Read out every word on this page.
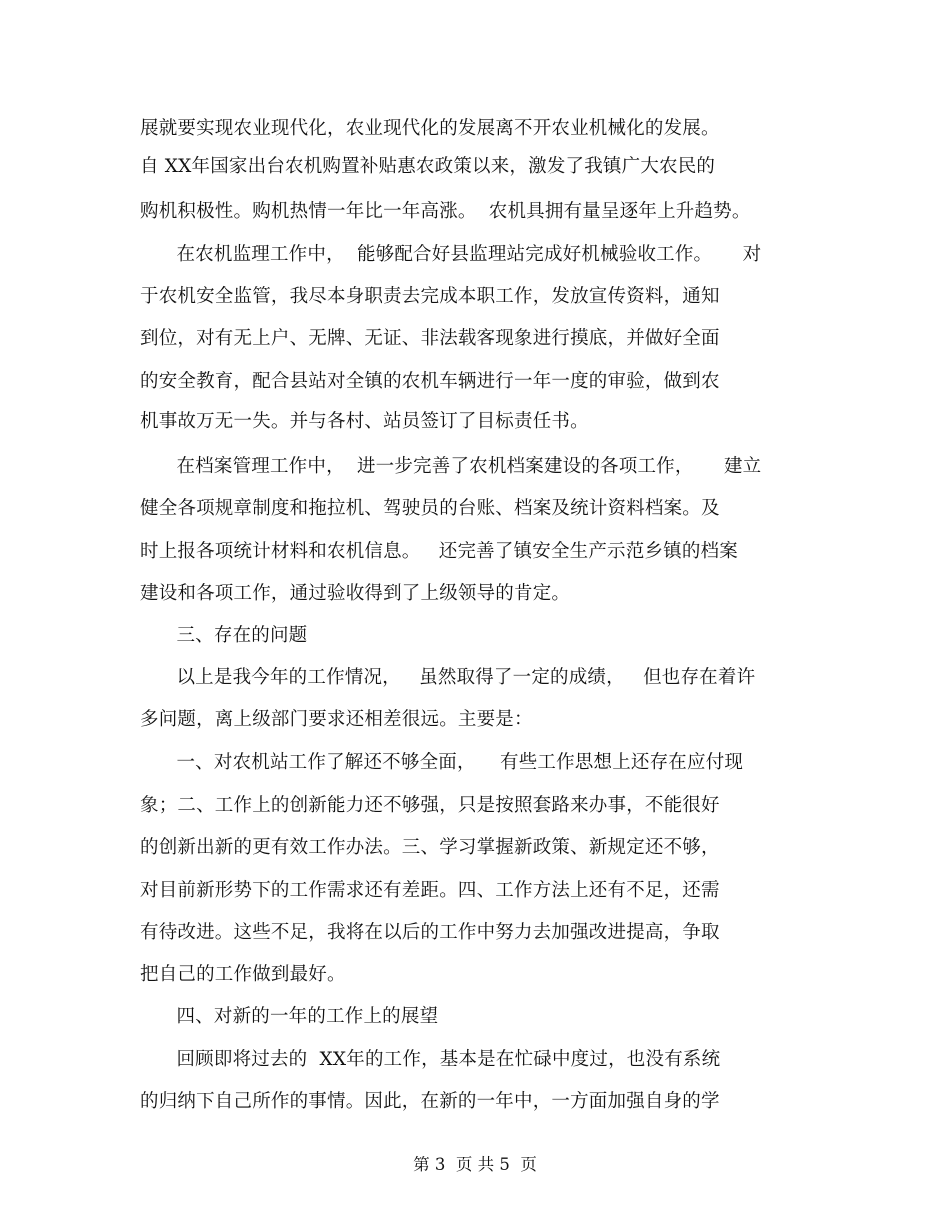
展就要实现农业现代化，农业现代化的发展离不开农业机械化的发展。
自 XX年国家出台农机购置补贴惠农政策以来，激发了我镇广大农民的
购机积极性。购机热情一年比一年高涨。  农机具拥有量呈逐年上升趋势。
在农机监理工作中，  能够配合好县监理站完成好机械验收工作。     对
于农机安全监管，我尽本身职责去完成本职工作，发放宣传资料，通知
到位，对有无上户、无牌、无证、非法载客现象进行摸底，并做好全面
的安全教育，配合县站对全镇的农机车辆进行一年一度的审验，做到农
机事故万无一失。并与各村、站员签订了目标责任书。
在档案管理工作中，  进一步完善了农机档案建设的各项工作，     建立
健全各项规章制度和拖拉机、驾驶员的台账、档案及统计资料档案。及
时上报各项统计材料和农机信息。   还完善了镇安全生产示范乡镇的档案
建设和各项工作，通过验收得到了上级领导的肯定。
三、存在的问题
以上是我今年的工作情况，   虽然取得了一定的成绩，   但也存在着许
多问题，离上级部门要求还相差很远。主要是：
一、对农机站工作了解还不够全面，    有些工作思想上还存在应付现
象；二、工作上的创新能力还不够强，只是按照套路来办事，不能很好
的创新出新的更有效工作办法。三、学习掌握新政策、新规定还不够，
对目前新形势下的工作需求还有差距。四、工作方法上还有不足，还需
有待改进。这些不足，我将在以后的工作中努力去加强改进提高，争取
把自己的工作做到最好。
四、对新的一年的工作上的展望
回顾即将过去的  XX年的工作，基本是在忙碌中度过，也没有系统
的归纳下自己所作的事情。因此，在新的一年中，一方面加强自身的学
第 3  页 共 5  页
